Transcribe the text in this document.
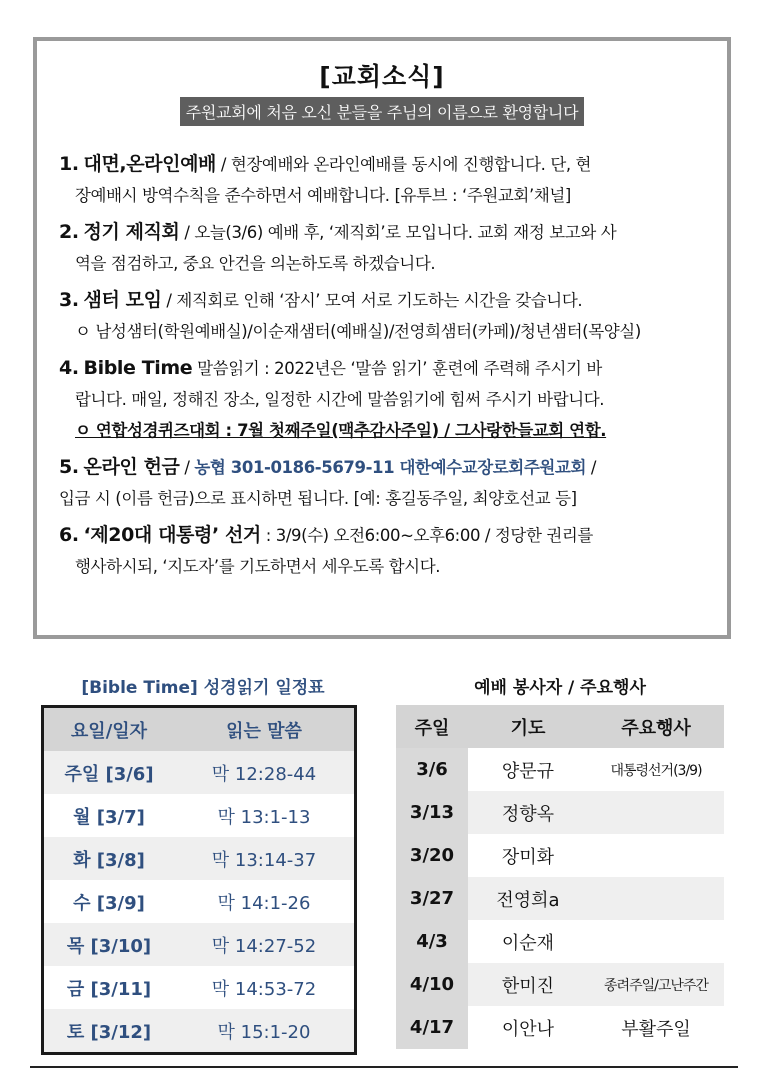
[교회소식]
주원교회에 처음 오신 분들을 주님의 이름으로 환영합니다
1. 대면,온라인예배 / 현장예배와 온라인예배를 동시에 진행합니다. 단, 현
장예배시 방역수칙을 준수하면서 예배합니다. [유투브 : ‘주원교회’채널]
2. 정기 제직회 / 오늘(3/6) 예배 후, ‘제직회’로 모입니다. 교회 재정 보고와 사
역을 점검하고, 중요 안건을 의논하도록 하겠습니다.
3. 샘터 모임 / 제직회로 인해 ‘잠시’ 모여 서로 기도하는 시간을 갖습니다.
ㅇ 남성샘터(학원예배실)/이순재샘터(예배실)/전영희샘터(카페)/청년샘터(목양실)
4. Bible Time 말씀읽기 : 2022년은 ‘말씀 읽기’ 훈련에 주력해 주시기 바
랍니다. 매일, 정해진 장소, 일정한 시간에 말씀읽기에 힘써 주시기 바랍니다.
ㅇ 연합성경퀴즈대회 : 7월 첫째주일(맥추감사주일) / 그사랑한들교회 연합.
5. 온라인 헌금 / 농협 301-0186-5679-11 대한예수교장로회주원교회 /
입금 시 (이름 헌금)으로 표시하면 됩니다. [예: 홍길동주일, 최양호선교 등]
6. ‘제20대 대통령’ 선거 : 3/9(수) 오전6:00~오후6:00 / 정당한 권리를
행사하시되, ‘지도자’를 기도하면서 세우도록 합시다.
[Bible Time] 성경읽기 일정표
요일/일자	읽는 말씀
주일 [3/6]	막 12:28-44
월 [3/7]	막 13:1-13
화 [3/8]	막 13:14-37
수 [3/9]	막 14:1-26
목 [3/10]	막 14:27-52
금 [3/11]	막 14:53-72
토 [3/12]	막 15:1-20
예배 봉사자 / 주요행사
주일	기도	주요행사
3/6	양문규	대통령선거(3/9)
3/13	정향옥	
3/20	장미화	
3/27	전영희a	
4/3	이순재	
4/10	한미진	종려주일/고난주간
4/17	이안나	부활주일
